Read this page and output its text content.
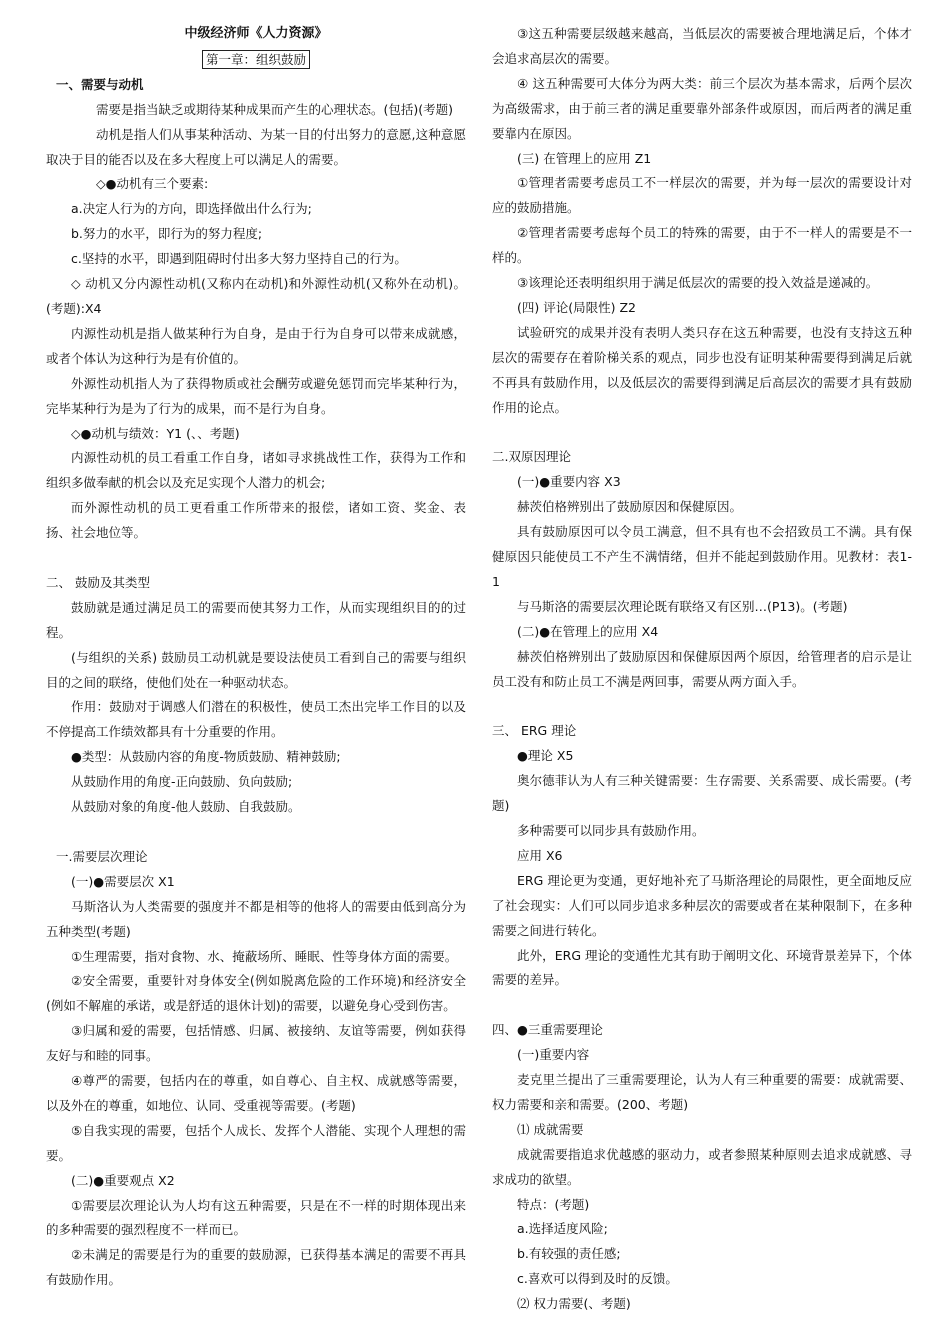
中级经济师《人力资源》

第一章：组织鼓励

一、需要与动机

需要是指当缺乏或期待某种成果而产生的心理状态。(包括)(考题)

动机是指人们从事某种活动、为某一目的付出努力的意愿,这种意愿取决于目的能否以及在多大程度上可以满足人的需要。

◇●动机有三个要素:

a.决定人行为的方向，即选择做出什么行为;

b.努力的水平，即行为的努力程度;

c.坚持的水平，即遇到阻碍时付出多大努力坚持自己的行为。

◇ 动机又分内源性动机(又称内在动机)和外源性动机(又称外在动机)。(考题):X4

内源性动机是指人做某种行为自身，是由于行为自身可以带来成就感，或者个体认为这种行为是有价值的。

外源性动机指人为了获得物质或社会酬劳或避免惩罚而完毕某种行为，完毕某种行为是为了行为的成果，而不是行为自身。

◇●动机与绩效：Y1 (、、考题)

内源性动机的员工看重工作自身，诸如寻求挑战性工作，获得为工作和组织多做奉献的机会以及充足实现个人潜力的机会;

而外源性动机的员工更看重工作所带来的报偿，诸如工资、奖金、表扬、社会地位等。

二、 鼓励及其类型

鼓励就是通过满足员工的需要而使其努力工作，从而实现组织目的的过程。

(与组织的关系) 鼓励员工动机就是要设法使员工看到自己的需要与组织目的之间的联络，使他们处在一种驱动状态。

作用：鼓励对于调感人们潜在的积极性，使员工杰出完毕工作目的以及不停提高工作绩效都具有十分重要的作用。

●类型：从鼓励内容的角度-物质鼓励、精神鼓励;

从鼓励作用的角度-正向鼓励、负向鼓励;

从鼓励对象的角度-他人鼓励、自我鼓励。

一.需要层次理论

(一)●需要层次 X1

马斯洛认为人类需要的强度并不都是相等的他将人的需要由低到高分为五种类型(考题)

①生理需要，指对食物、水、掩蔽场所、睡眠、性等身体方面的需要。

②安全需要，重要针对身体安全(例如脱离危险的工作环境)和经济安全(例如不解雇的承诺，或是舒适的退休计划)的需要，以避免身心受到伤害。

③归属和爱的需要，包括情感、归属、被接纳、友谊等需要，例如获得友好与和睦的同事。

④尊严的需要，包括内在的尊重，如自尊心、自主权、成就感等需要，以及外在的尊重，如地位、认同、受重视等需要。(考题)

⑤自我实现的需要，包括个人成长、发挥个人潜能、实现个人理想的需要。

(二)●重要观点 X2

①需要层次理论认为人均有这五种需要，只是在不一样的时期体现出来的多种需要的强烈程度不一样而已。

②未满足的需要是行为的重要的鼓励源，已获得基本满足的需要不再具有鼓励作用。

③这五种需要层级越来越高，当低层次的需要被合理地满足后，个体才会追求高层次的需要。

④ 这五种需要可大体分为两大类：前三个层次为基本需求，后两个层次为高级需求，由于前三者的满足重要靠外部条件或原因，而后两者的满足重要靠内在原因。

(三) 在管理上的应用 Z1

①管理者需要考虑员工不一样层次的需要，并为每一层次的需要设计对应的鼓励措施。

②管理者需要考虑每个员工的特殊的需要，由于不一样人的需要是不一样的。

③该理论还表明组织用于满足低层次的需要的投入效益是递减的。

(四) 评论(局限性) Z2

试验研究的成果并没有表明人类只存在这五种需要，也没有支持这五种层次的需要存在着阶梯关系的观点，同步也没有证明某种需要得到满足后就不再具有鼓励作用，以及低层次的需要得到满足后高层次的需要才具有鼓励作用的论点。

二.双原因理论

(一)●重要内容 X3

赫茨伯格辨别出了鼓励原因和保健原因。

具有鼓励原因可以令员工满意，但不具有也不会招致员工不满。具有保健原因只能使员工不产生不满情绪，但并不能起到鼓励作用。见教材：表1-1

与马斯洛的需要层次理论既有联络又有区别…(P13)。(考题)

(二)●在管理上的应用 X4

赫茨伯格辨别出了鼓励原因和保健原因两个原因，给管理者的启示是让员工没有和防止员工不满是两回事，需要从两方面入手。

三、 ERG 理论

●理论 X5

奥尔德菲认为人有三种关键需要：生存需要、关系需要、成长需要。(考题)

多种需要可以同步具有鼓励作用。

应用 X6

ERG 理论更为变通，更好地补充了马斯洛理论的局限性，更全面地反应了社会现实：人们可以同步追求多种层次的需要或者在某种限制下，在多种需要之间进行转化。

此外，ERG 理论的变通性尤其有助于阐明文化、环境背景差异下，个体需要的差异。

四、●三重需要理论

(一)重要内容

麦克里兰提出了三重需要理论，认为人有三种重要的需要：成就需要、权力需要和亲和需要。(200、考题)

⑴ 成就需要

成就需要指追求优越感的驱动力，或者参照某种原则去追求成就感、寻求成功的欲望。

特点：(考题)

a.选择适度风险;

b.有较强的责任感;

c.喜欢可以得到及时的反馈。

⑵ 权力需要(、考题)
